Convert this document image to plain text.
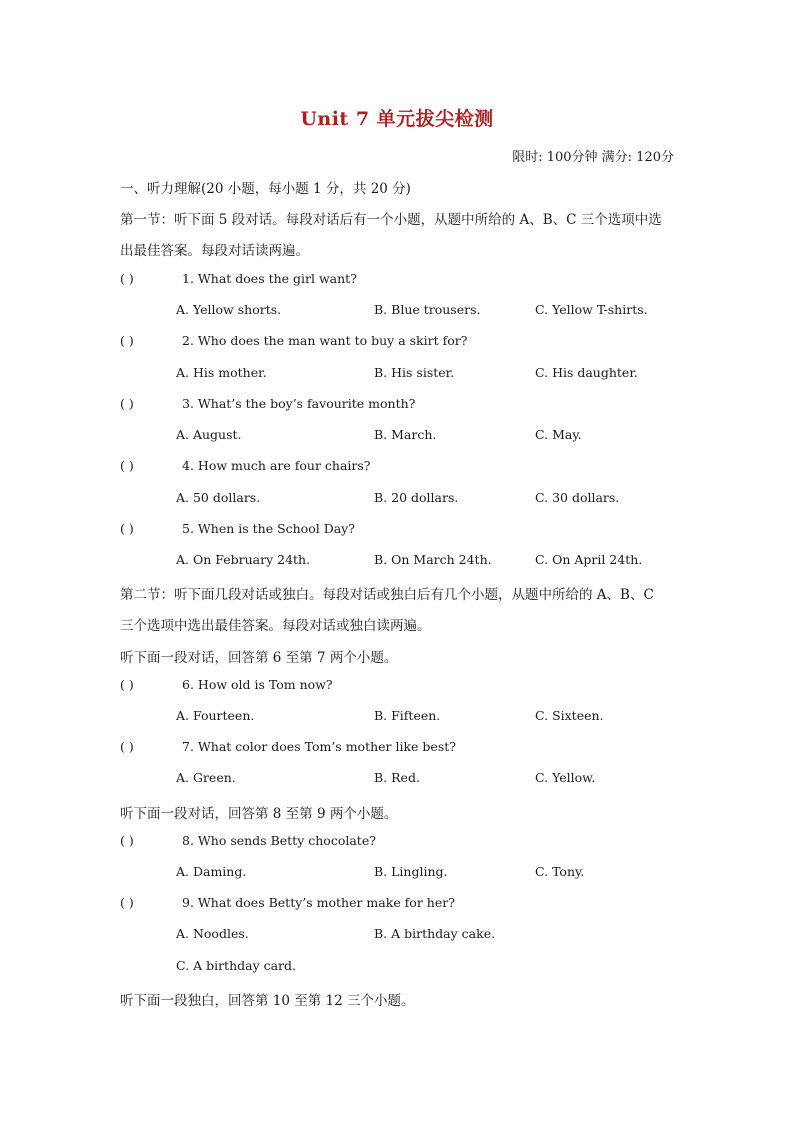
Unit 7 单元拔尖检测
限时: 100分钟 满分: 120分
一、听力理解(20 小题，每小题 1 分，共 20 分)
第一节：听下面 5 段对话。每段对话后有一个小题，从题中所给的 A、B、C 三个选项中选
出最佳答案。每段对话读两遍。
( )	1. What does the girl want?
A. Yellow shorts.	B. Blue trousers.	C. Yellow T-shirts.
( )	2. Who does the man want to buy a skirt for?
A. His mother.	B. His sister.	C. His daughter.
( )	3. What’s the boy’s favourite month?
A. August.	B. March.	C. May.
( )	4. How much are four chairs?
A. 50 dollars.	B. 20 dollars.	C. 30 dollars.
( )	5. When is the School Day?
A. On February 24th.	B. On March 24th.	C. On April 24th.
第二节：听下面几段对话或独白。每段对话或独白后有几个小题，从题中所给的 A、B、C
三个选项中选出最佳答案。每段对话或独白读两遍。
听下面一段对话，回答第 6 至第 7 两个小题。
( )	6. How old is Tom now?
A. Fourteen.	B. Fifteen.	C. Sixteen.
( )	7. What color does Tom’s mother like best?
A. Green.	B. Red.	C. Yellow.
听下面一段对话，回答第 8 至第 9 两个小题。
( )	8. Who sends Betty chocolate?
A. Daming.	B. Lingling.	C. Tony.
( )	9. What does Betty’s mother make for her?
A. Noodles.	B. A birthday cake.
C. A birthday card.
听下面一段独白，回答第 10 至第 12 三个小题。
